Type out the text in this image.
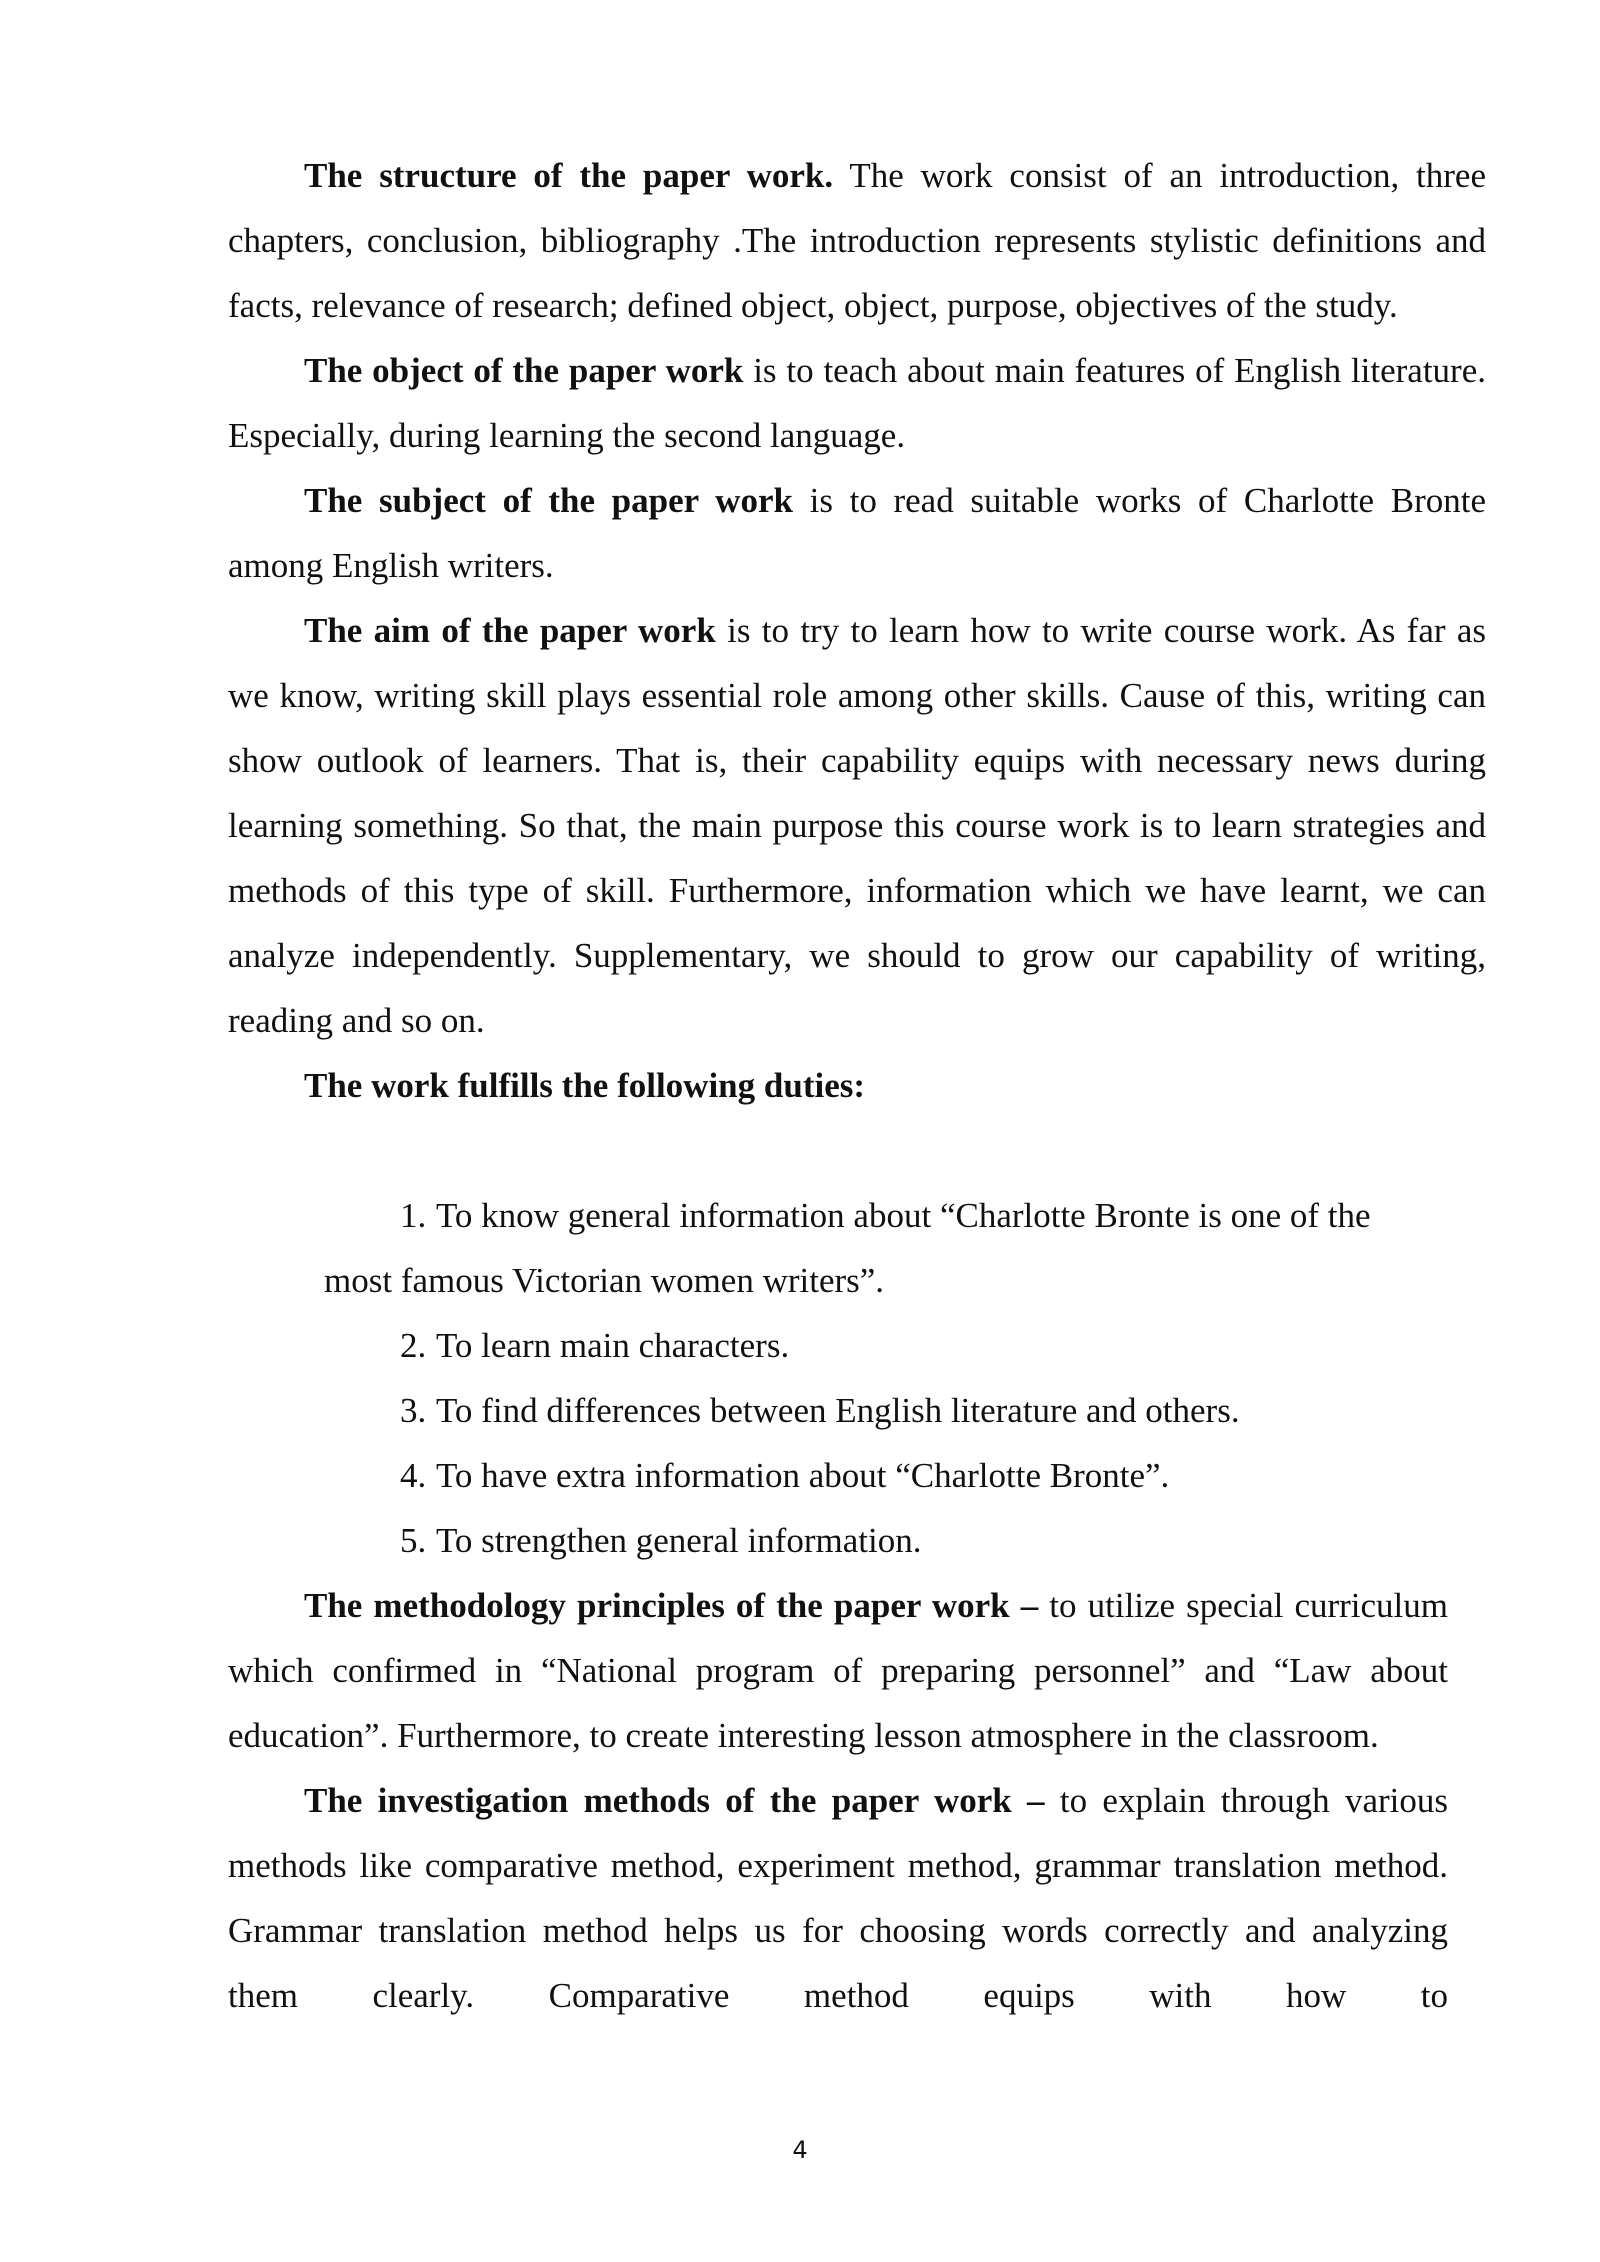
The structure of the paper work. The work consist of an introduction, three chapters, conclusion, bibliography .The introduction represents stylistic definitions and facts, relevance of research; defined object, object, purpose, objectives of the study.

The object of the paper work is to teach about main features of English literature. Especially, during learning the second language.

The subject of the paper work is to read suitable works of Charlotte Bronte among English writers.

The aim of the paper work is to try to learn how to write course work. As far as we know, writing skill plays essential role among other skills. Cause of this, writing can show outlook of learners. That is, their capability equips with necessary news during learning something. So that, the main purpose this course work is to learn strategies and methods of this type of skill. Furthermore, information which we have learnt, we can analyze independently. Supplementary, we should to grow our capability of writing, reading and so on.

The work fulfills the following duties:

1. To know general information about “Charlotte Bronte is one of the most famous Victorian women writers”.
2. To learn main characters.
3. To find differences between English literature and others.
4. To have extra information about “Charlotte Bronte”.
5. To strengthen general information.

The methodology principles of the paper work – to utilize special curriculum which confirmed in “National program of preparing personnel” and “Law about education”. Furthermore, to create interesting lesson atmosphere in the classroom.

The investigation methods of the paper work – to explain through various methods like comparative method, experiment method, grammar translation method. Grammar translation method helps us for choosing words correctly and analyzing them clearly. Comparative method equips with how to

4
